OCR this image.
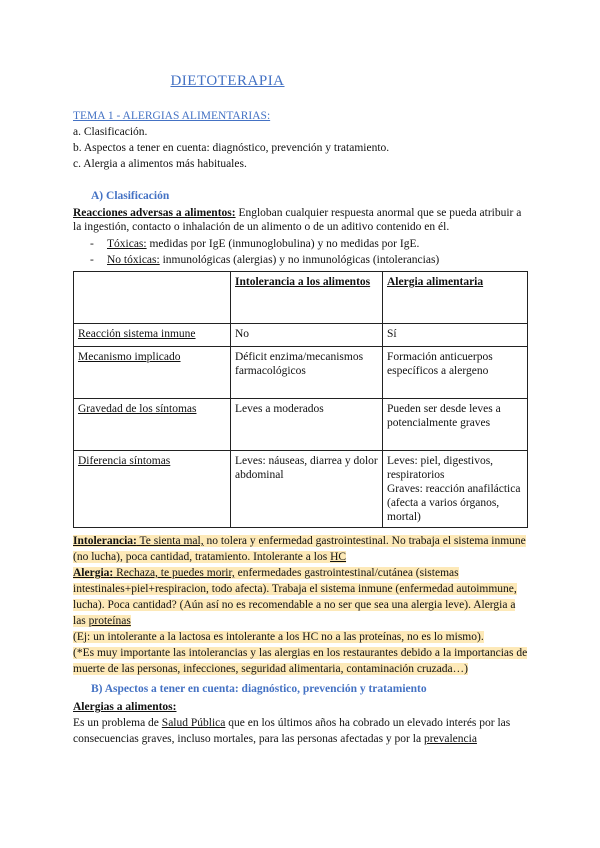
DIETOTERAPIA
TEMA 1 - ALERGIAS ALIMENTARIAS:
a. Clasificación.
b. Aspectos a tener en cuenta: diagnóstico, prevención y tratamiento.
c. Alergia a alimentos más habituales.
A) Clasificación
Reacciones adversas a alimentos: Engloban cualquier respuesta anormal que se pueda atribuir a la ingestión, contacto o inhalación de un alimento o de un aditivo contenido en él.
-	Tóxicas: medidas por IgE (inmunoglobulina) y no medidas por IgE.
-	No tóxicas: inmunológicas (alergias) y no inmunológicas (intolerancias)
	Intolerancia a los alimentos	Alergia alimentaria
Reacción sistema inmune	No	Sí
Mecanismo implicado	Déficit enzima/mecanismos farmacológicos	Formación anticuerpos específicos a alergeno
Gravedad de los síntomas	Leves a moderados	Pueden ser desde leves a potencialmente graves
Diferencia síntomas	Leves: náuseas, diarrea y dolor abdominal	Leves: piel, digestivos, respiratorios
Graves: reacción anafiláctica (afecta a varios órganos, mortal)
Intolerancia: Te sienta mal, no tolera y enfermedad gastrointestinal. No trabaja el sistema inmune (no lucha), poca cantidad, tratamiento. Intolerante a los HC
Alergia: Rechaza, te puedes morir, enfermedades gastrointestinal/cutánea (sistemas intestinales+piel+respiracion, todo afecta). Trabaja el sistema inmune (enfermedad autoimmune, lucha). Poca cantidad? (Aún así no es recomendable a no ser que sea una alergia leve). Alergia a las proteínas
(Ej: un intolerante a la lactosa es intolerante a los HC no a las proteínas, no es lo mismo).
(*Es muy importante las intolerancias y las alergias en los restaurantes debido a la importancias de muerte de las personas, infecciones, seguridad alimentaria, contaminación cruzada…)
B) Aspectos a tener en cuenta: diagnóstico, prevención y tratamiento
Alergias a alimentos:
Es un problema de Salud Pública que en los últimos años ha cobrado un elevado interés por las consecuencias graves, incluso mortales, para las personas afectadas y por la prevalencia
